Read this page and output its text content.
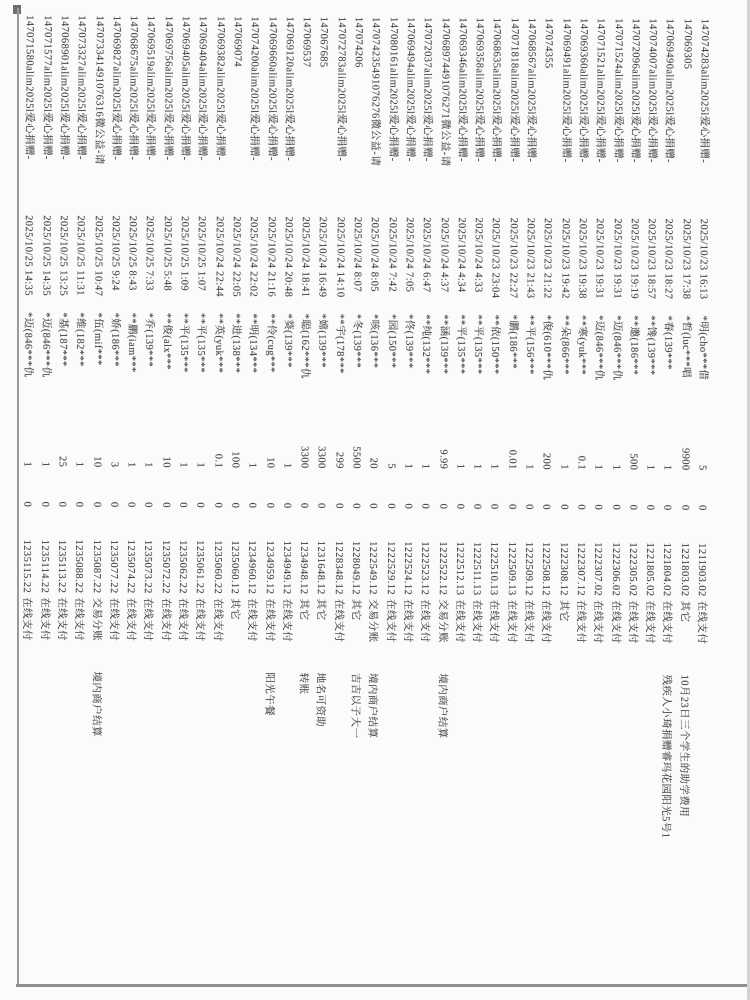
147074283alim2025l爱心捐赠-
2025/10/23 16:13
*明(cho***借
5
0
1211903.02
在线支付
147069305
2025/10/23 17:38
*哲(luc***唱
9900
0
1221803.02
其它
10月23日三个学生的助学费用
147069490alim2025l爱心捐赠-
2025/10/23 18:27
*春(139***
1
0
1221804.02
在线支付
残疾人小琦捐赠睿玛花园阳光5号1
147074007alim2025l爱心捐赠-
2025/10/23 18:57
**馋(139***
1
0
1221805.02
在线支付
147072096alim2025l爱心捐赠-
2025/10/23 19:19
**邀(186***
500
0
1222305.02
在线支付
147071524alim2025l爱心捐赠-
2025/10/23 19:31
*迈(846***仇
1
0
1222306.02
在线支付
147071521alim2025l爱心捐赠-
2025/10/23 19:31
*迈(846***仇
1
0
1222307.02
在线支付
147069360alim2025l爱心捐赠-
2025/10/23 19:38
**寒(yuk***
0.1
0
1222307.12
在线支付
147069491alim2025l爱心捐赠-
2025/10/23 19:42
**朵(866***
1
0
1222308.12
其它
147074355
2025/10/23 21:22
*俊(610***仇
200
0
1222508.12
在线支付
147068567alim2025l爱心捐赠-
2025/10/23 21:43
**平(156***
1
0
1222509.12
在线支付
147071818alim2025l爱心捐赠-
2025/10/23 22:27
*鹏(186***
0.01
0
1222509.13
在线支付
147068635alim2025l爱心捐赠-
2025/10/23 23:04
**依(150***
1
0
1222510.13
在线支付
147069358alim2025l爱心捐赠-
2025/10/24 4:33
**平(135***
1
0
1222511.13
在线支付
147069346alim2025l爱心捐赠-
2025/10/24 4:34
**平(135***
1
0
1222512.13
在线支付
147068974491076271微公益-请
2025/10/24 4:37
**涵(139***
9.99
0
1222522.12
交易分账
境内商户结算
147072037alim2025l爱心捐赠-
2025/10/24 6:47
**纯(132***
1
0
1222523.12
在线支付
147069494alim2025l爱心捐赠-
2025/10/24 7:05
*佟(139***
1
0
1222524.12
在线支付
147080161alim2025l爱心捐赠-
2025/10/24 7:42
*园(150***
5
0
1222529.12
在线支付
147074235491076276微公益-请
2025/10/24 8:05
*咳(136***
20
0
1222549.12
交易分账
境内商户结算
147074206
2025/10/24 8:07
*冬(139***
5500
0
1228049.12
其它
吉吉以子大一
147072783alim2025l爱心捐赠-
2025/10/24 14:10
**宇(178***
299
0
1228348.12
在线支付
147067685
2025/10/24 16:49
*嫦(139***
3300
0
1231648.12
其它
地名可资助
147069537
2025/10/24 18:41
*聪(162***仇
3300
0
1234948.12
其它
转账
147069120alim2025l爱心捐赠-
2025/10/24 20:48
*葵(139***
1
0
1234949.12
在线支付
147069660alim2025l爱心捐赠-
2025/10/24 21:16
**伶(cug***
10
0
1234959.12
在线支付
阳光午餐
147074200alim2025l爱心捐赠-
2025/10/24 22:02
**明(134***
1
0
1234960.12
在线支付
147069074
2025/10/24 22:05
**进(138***
100
0
1235060.12
其它
147069382alim2025l爱心捐赠-
2025/10/24 22:44
**英(yuk***
0.1
0
1235060.22
在线支付
147069404alim2025l爱心捐赠-
2025/10/25 1:07
**平(135***
1
0
1235061.22
在线支付
147069405alim2025l爱心捐赠-
2025/10/25 1:09
**平(135***
1
0
1235062.22
在线支付
147069756alim2025l爱心捐赠-
2025/10/25 5:48
**俊(alx***
10
0
1235072.22
在线支付
147069519alim2025l爱心捐赠-
2025/10/25 7:33
*乔(139***
1
0
1235073.22
在线支付
147068675alim2025l爱心捐赠-
2025/10/25 8:43
**鹏(iam***
1
0
1235074.22
在线支付
147069827alim2025l爱心捐赠-
2025/10/25 9:24
*娇(186***
3
0
1235077.22
在线支付
147073341491076316微公益-请
2025/10/25 10:47
*伍(mif***
10
0
1235087.22
交易分账
境内商户结算
147073327alim2025l爱心捐赠-
2025/10/25 11:31
*维(182***
1
0
1235088.22
在线支付
147068901alim2025l爱心捐赠-
2025/10/25 13:25
*基(187***
25
0
1235113.22
在线支付
147071577alim2025l爱心捐赠-
2025/10/25 14:35
*迈(846***仇
1
0
1235114.22
在线支付
147071580alim2025l爱心捐赠-
2025/10/25 14:35
*迈(846***仇
1
0
1235115.22
在线支付
